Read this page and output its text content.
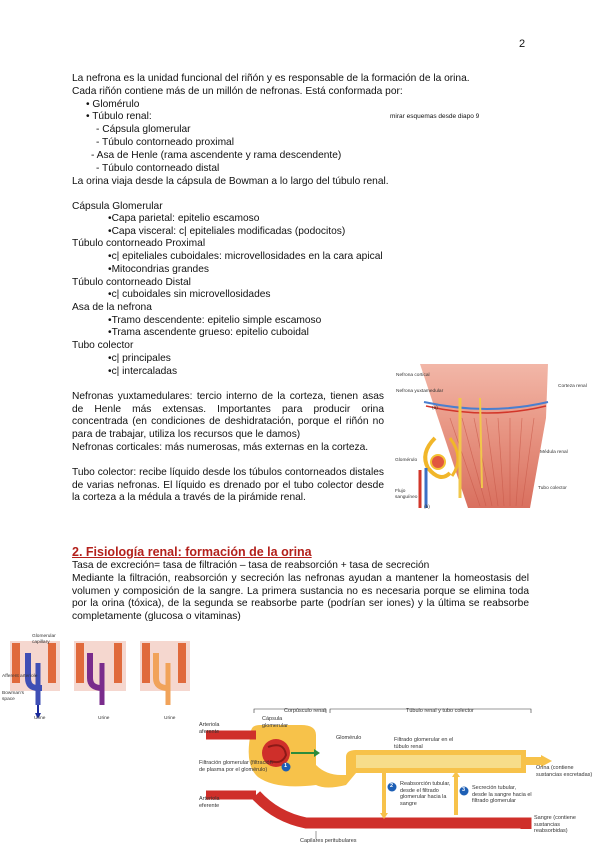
2
La nefrona es la unidad funcional del riñón y es responsable de la formación de la orina.
Cada riñón contiene más de un millón de nefronas. Está conformada por:
• Glomérulo
• Túbulo renal:	mirar esquemas desde diapo 9
- Cápsula glomerular
- Túbulo contorneado proximal
- Asa de Henle (rama ascendente y rama descendente)
- Túbulo contorneado distal
La orina viaja desde la cápsula de Bowman a lo largo del túbulo renal.
Cápsula Glomerular
•Capa parietal: epitelio escamoso
•Capa visceral: c| epiteliales modificadas (podocitos)
Túbulo contorneado Proximal
•c| epiteliales cuboidales: microvellosidades en la cara apical
•Mitocondrias grandes
Túbulo contorneado Distal
•c| cuboidales sin microvellosidades
Asa de la nefrona
•Tramo descendente: epitelio simple escamoso
•Trama ascendente grueso: epitelio cuboidal
Tubo colector
•c| principales
•c| intercaladas
Nefronas yuxtamedulares: tercio interno de la corteza, tienen asas de Henle más extensas. Importantes para producir orina concentrada (en condiciones de deshidratación, porque el riñón no para de trabajar, utiliza los recursos que le damos)
Nefronas corticales: más numerosas, más externas en la corteza.
Tubo colector: recibe líquido desde los túbulos contorneados distales de varias nefronas. El líquido es drenado por el tubo colector desde la corteza a la médula a través de la pirámide renal.
Nefrona cortical
Nefrona yuxtamedular
(a)
Corteza renal
Glomérulo
Médula renal
Tubo colector
Flujo sanguíneo
(b)
2. Fisiología renal: formación de la orina
Tasa de excreción= tasa de filtración – tasa de reabsorción + tasa de secreción
Mediante la filtración, reabsorción y secreción las nefronas ayudan a mantener la homeostasis del volumen y composición de la sangre. La primera sustancia no es necesaria porque se elimina toda por la orina (tóxica), de la segunda se reabsorbe parte (podrían ser iones) y la última se reabsorbe completamente (glucosa o vitaminas)
Glomerular capillary
Afferent arteriole
Bowman's space
Urine	Urine	Urine
Corpúsculo renal	Túbulo renal y tubo colector
Arteriola aferente
Cápsula glomerular
Glomérulo
Filtración glomerular (filtración de plasma por el glomérulo)
Filtrado glomerular en el túbulo renal
Orina (contiene sustancias excretadas)
Arteriola eferente
Reabsorción tubular, desde el filtrado glomerular hacia la sangre
Secreción tubular, desde la sangre hacia el filtrado glomerular
Sangre (contiene sustancias reabsorbidas)
Capilares peritubulares
1
2
3
